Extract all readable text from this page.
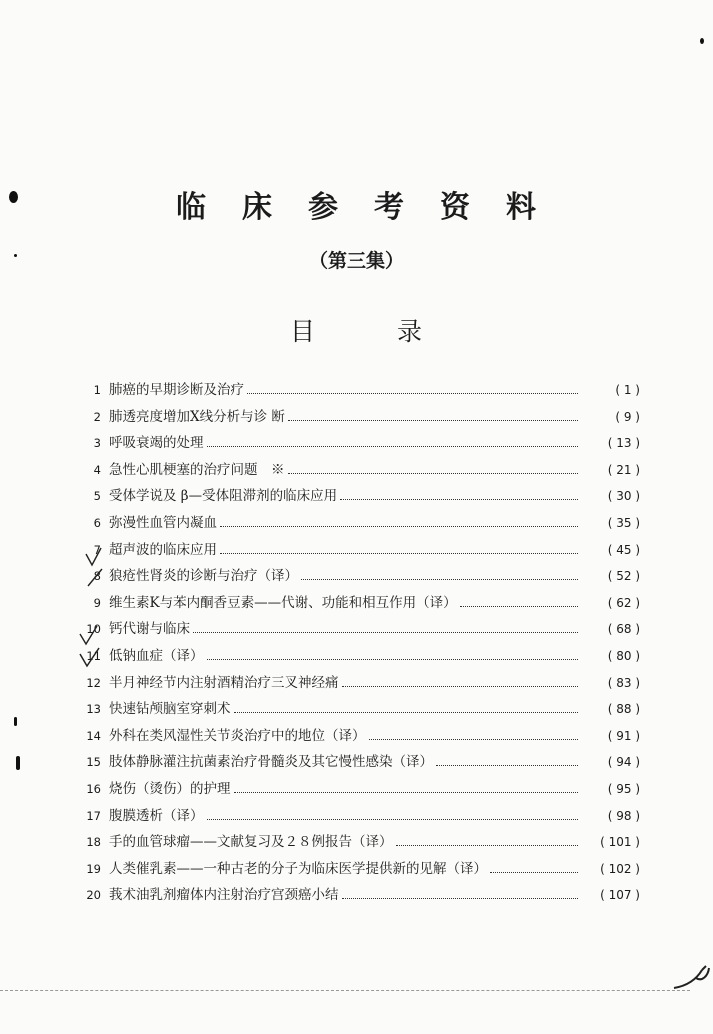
临 床 参 考 资 料
（第三集）
目	录
1 肺癌的早期诊断及治疗	( 1 )
2 肺透亮度增加X线分析与诊 断	( 9 )
3 呼吸衰竭的处理	( 13 )
4 急性心肌梗塞的治疗问题　※	( 21 )
5 受体学说及 β—受体阻滞剂的临床应用	( 30 )
6 弥漫性血管内凝血	( 35 )
7 超声波的临床应用	( 45 )
8 狼疮性肾炎的诊断与治疗（译）	( 52 )
9 维生素K与苯内酮香豆素——代谢、功能和相互作用（译）	( 62 )
10 钙代谢与临床	( 68 )
11 低钠血症（译）	( 80 )
12 半月神经节内注射酒精治疗三叉神经痛	( 83 )
13 快速钻颅脑室穿刺术	( 88 )
14 外科在类风湿性关节炎治疗中的地位（译）	( 91 )
15 肢体静脉灌注抗菌素治疗骨髓炎及其它慢性感染（译）	( 94 )
16 烧伤（烫伤）的护理	( 95 )
17 腹膜透析（译）	( 98 )
18 手的血管球瘤——文献复习及２８例报告（译）	( 101 )
19 人类催乳素——一种古老的分子为临床医学提供新的见解（译）	( 102 )
20 莪术油乳剂瘤体内注射治疗宫颈癌小结	( 107 )
